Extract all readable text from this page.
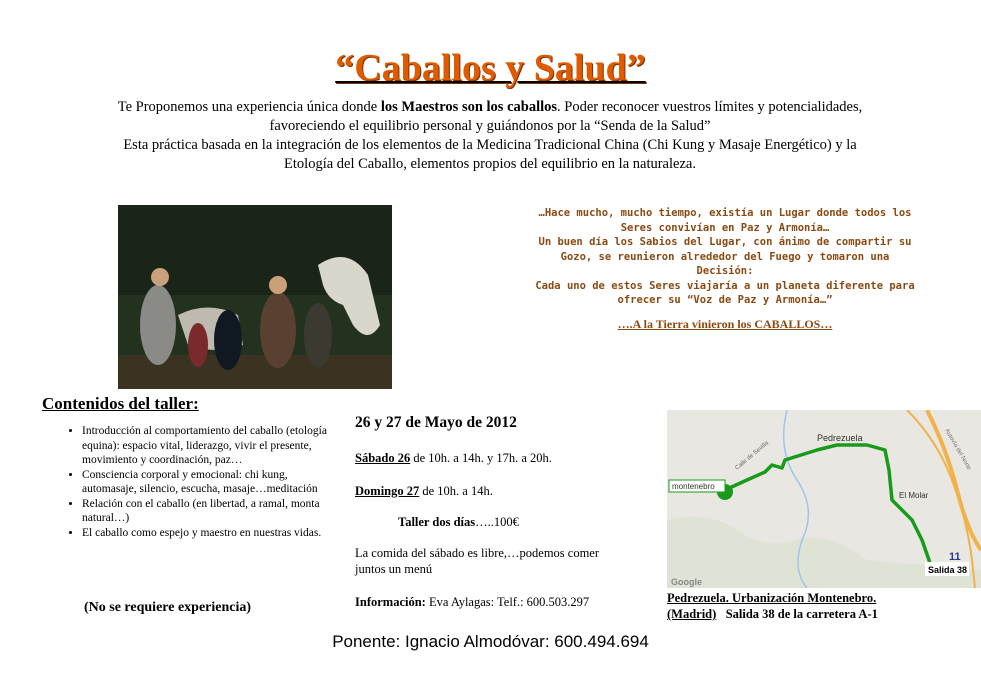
“Caballos y Salud”
Te Proponemos una experiencia única donde los Maestros son los caballos. Poder reconocer vuestros límites y potencialidades,
favoreciendo el equilibrio personal y guiándonos por la “Senda de la Salud”
Esta práctica basada en la integración de los elementos de la Medicina Tradicional China (Chi Kung y Masaje Energético) y la
Etología del Caballo, elementos propios del equilibrio en la naturaleza.
…Hace mucho, mucho tiempo, existía un Lugar donde todos los
Seres convivían en Paz y Armonía…
Un buen día los Sabios del Lugar, con ánimo de compartir su
Gozo, se reunieron alrededor del Fuego y tomaron una
Decisión:
Cada uno de estos Seres viajaría a un planeta diferente para
ofrecer su “Voz de Paz y Armonía…”
….A la Tierra vinieron los CABALLOS…
Contenidos del taller:
• Introducción al comportamiento del caballo (etología equina): espacio vital, liderazgo, vivir el presente, movimiento y coordinación, paz…
• Consciencia corporal y emocional: chi kung, automasaje, silencio, escucha, masaje…meditación
• Relación con el caballo (en libertad, a ramal, monta natural…)
• El caballo como espejo y maestro en nuestras vidas.
(No se requiere experiencia)
26 y 27 de Mayo de 2012
Sábado 26 de 10h. a 14h. y 17h. a 20h.
Domingo 27 de 10h. a 14h.
Taller dos días…..100€
La comida del sábado es libre,…podemos comer juntos un menú
Información: Eva Aylagas: Telf.: 600.503.297
montenebro
Pedrezuela
El Molar
Calle de Sevilla	Autovía del Norte
Google
Salida 38
11
Pedrezuela. Urbanización Montenebro.
(Madrid)   Salida 38 de la carretera A-1
Ponente: Ignacio Almodóvar: 600.494.694
